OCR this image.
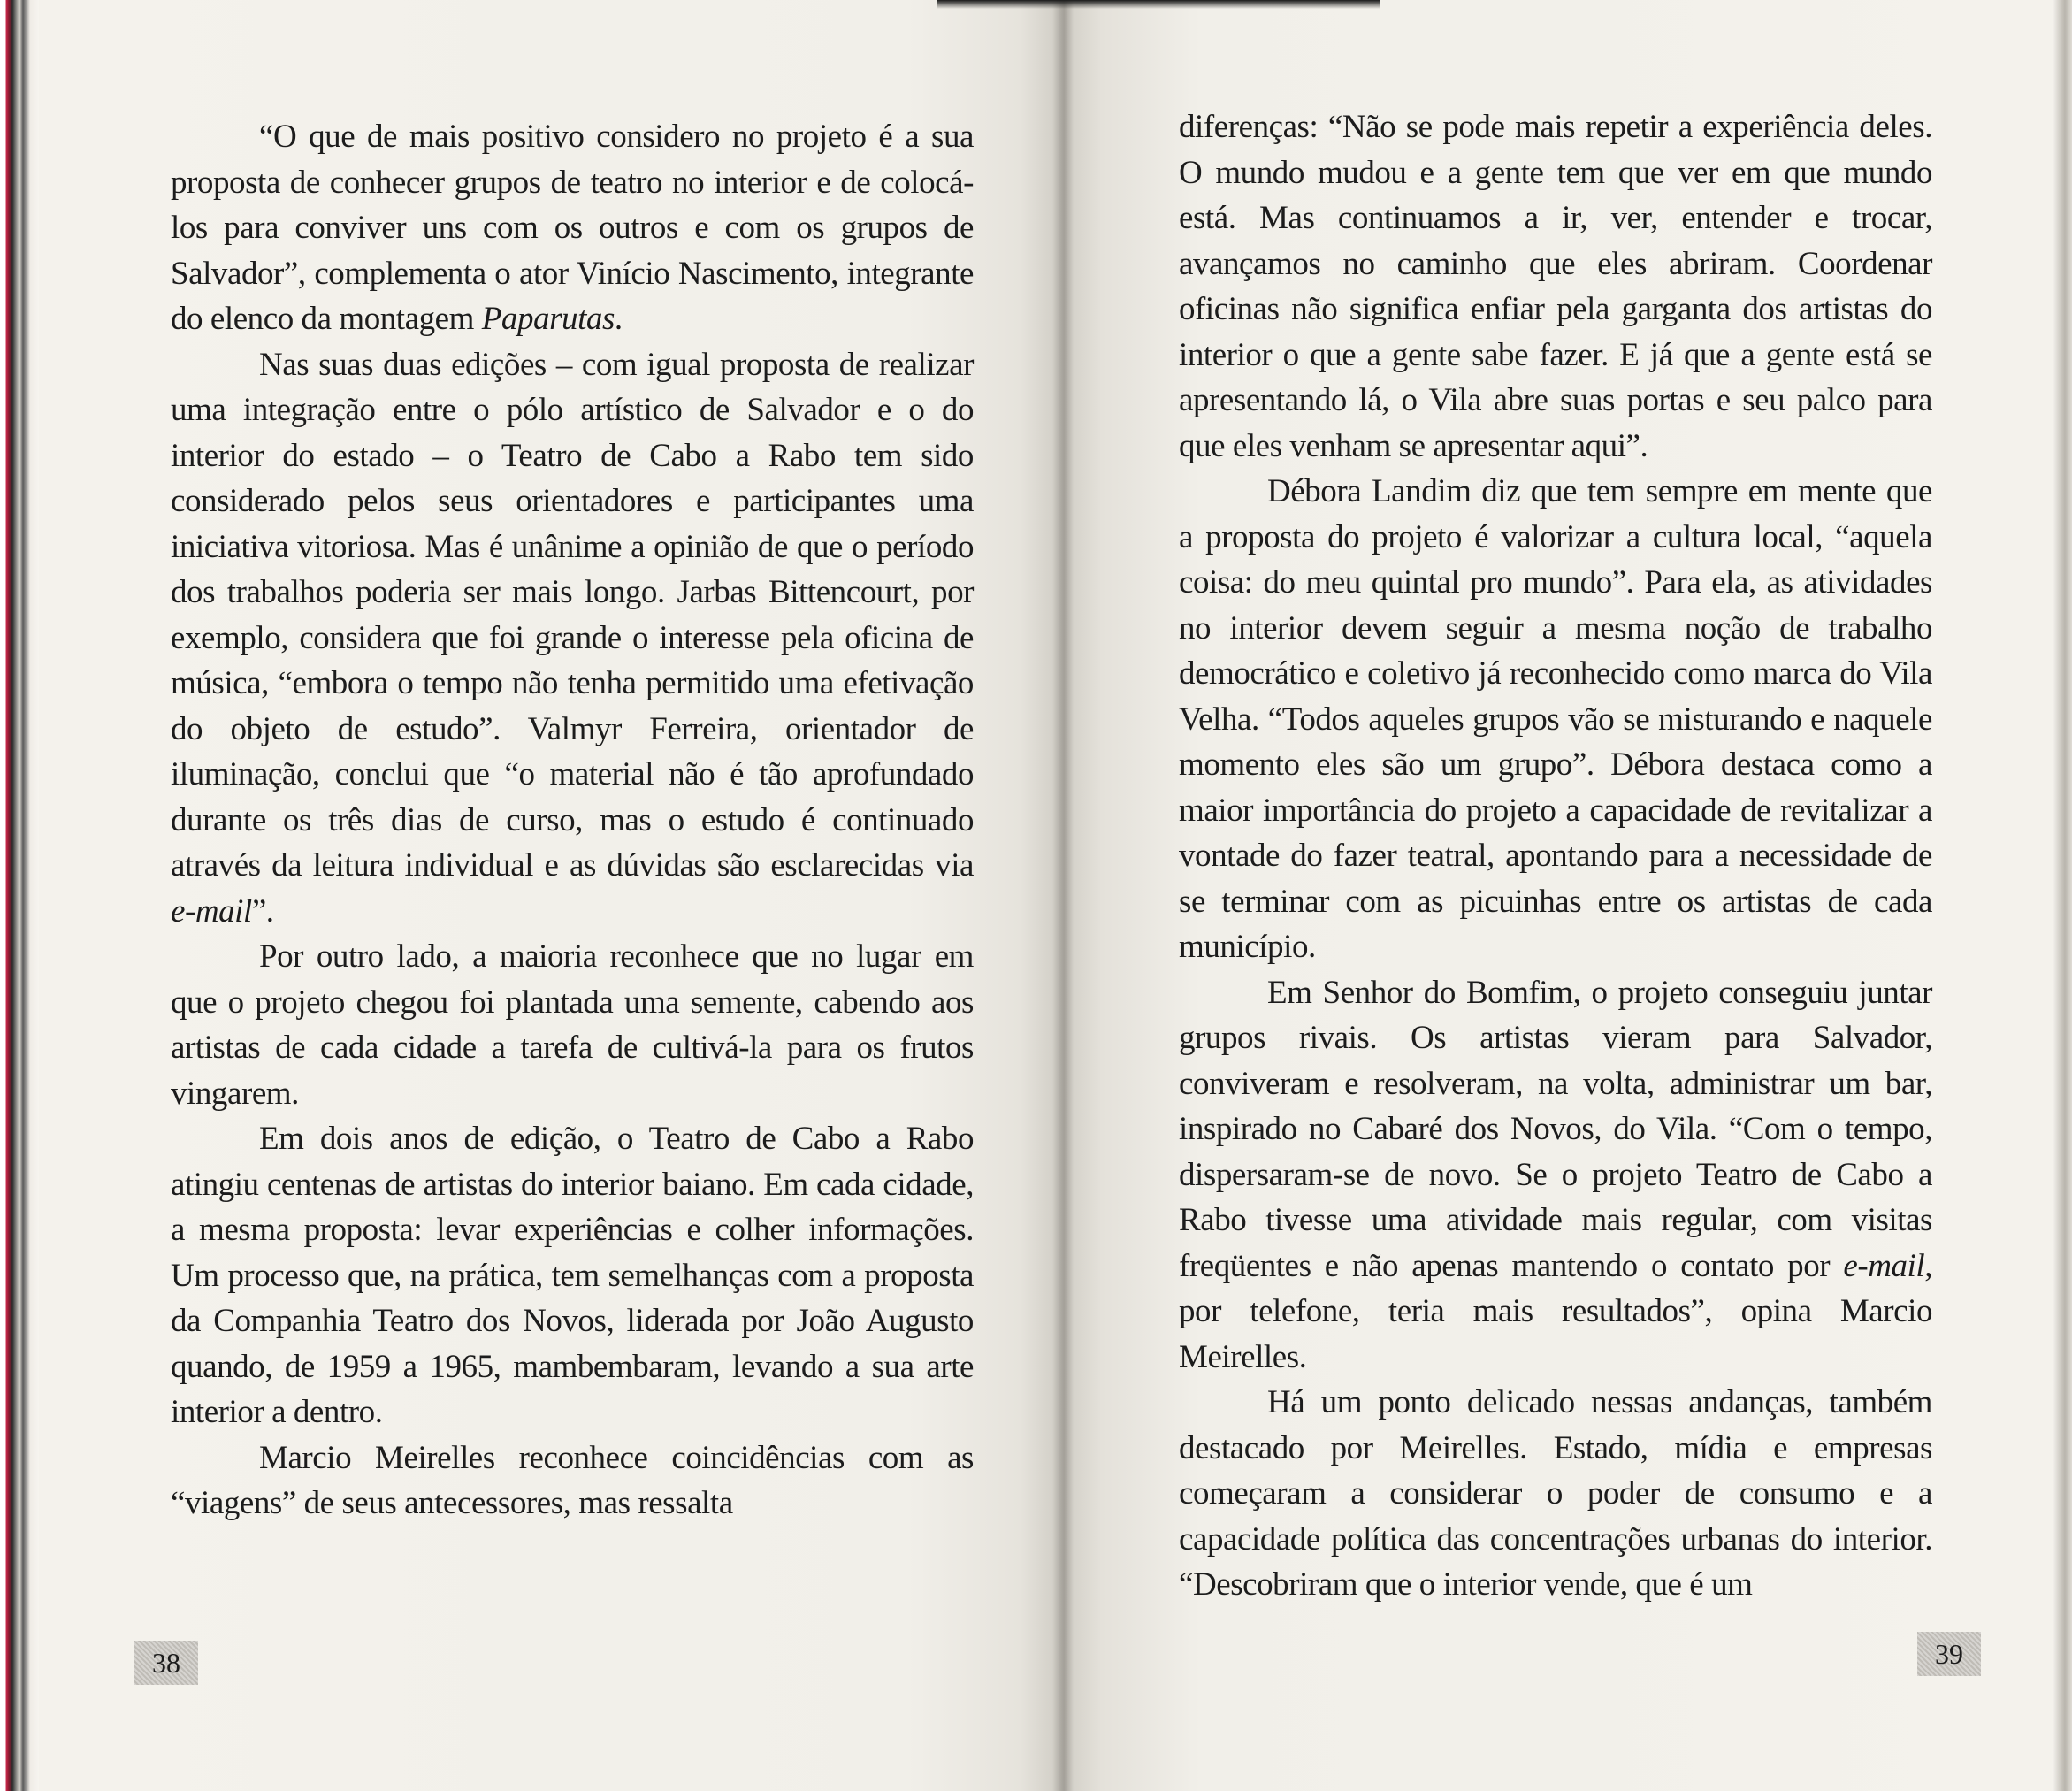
“O que de mais positivo considero no projeto é a sua proposta de conhecer grupos de teatro no interior e de colocá-los para conviver uns com os outros e com os grupos de Salvador”, complementa o ator Vinício Nascimento, integrante do elenco da montagem Paparutas.

Nas suas duas edições – com igual proposta de realizar uma integração entre o pólo artístico de Salvador e o do interior do estado – o Teatro de Cabo a Rabo tem sido considerado pelos seus orientadores e participantes uma iniciativa vitoriosa. Mas é unânime a opinião de que o período dos trabalhos poderia ser mais longo. Jarbas Bittencourt, por exemplo, considera que foi grande o interesse pela oficina de música, “embora o tempo não tenha permitido uma efetivação do objeto de estudo”. Valmyr Ferreira, orientador de iluminação, conclui que “o material não é tão aprofundado durante os três dias de curso, mas o estudo é continuado através da leitura individual e as dúvidas são esclarecidas via e-mail”.

Por outro lado, a maioria reconhece que no lugar em que o projeto chegou foi plantada uma semente, cabendo aos artistas de cada cidade a tarefa de cultivá-la para os frutos vingarem.

Em dois anos de edição, o Teatro de Cabo a Rabo atingiu centenas de artistas do interior baiano. Em cada cidade, a mesma proposta: levar experiências e colher informações. Um processo que, na prática, tem semelhanças com a proposta da Companhia Teatro dos Novos, liderada por João Augusto quando, de 1959 a 1965, mambembaram, levando a sua arte interior a dentro.

Marcio Meirelles reconhece coincidências com as “viagens” de seus antecessores, mas ressalta

diferenças: “Não se pode mais repetir a experiência deles. O mundo mudou e a gente tem que ver em que mundo está. Mas continuamos a ir, ver, entender e trocar, avançamos no caminho que eles abriram. Coordenar oficinas não significa enfiar pela garganta dos artistas do interior o que a gente sabe fazer. E já que a gente está se apresentando lá, o Vila abre suas portas e seu palco para que eles venham se apresentar aqui”.

Débora Landim diz que tem sempre em mente que a proposta do projeto é valorizar a cultura local, “aquela coisa: do meu quintal pro mundo”. Para ela, as atividades no interior devem seguir a mesma noção de trabalho democrático e coletivo já reconhecido como marca do Vila Velha. “Todos aqueles grupos vão se misturando e naquele momento eles são um grupo”. Débora destaca como a maior importância do projeto a capacidade de revitalizar a vontade do fazer teatral, apontando para a necessidade de se terminar com as picuinhas entre os artistas de cada município.

Em Senhor do Bomfim, o projeto conseguiu juntar grupos rivais. Os artistas vieram para Salvador, conviveram e resolveram, na volta, administrar um bar, inspirado no Cabaré dos Novos, do Vila. “Com o tempo, dispersaram-se de novo. Se o projeto Teatro de Cabo a Rabo tivesse uma atividade mais regular, com visitas freqüentes e não apenas mantendo o contato por e-mail, por telefone, teria mais resultados”, opina Marcio Meirelles.

Há um ponto delicado nessas andanças, também destacado por Meirelles. Estado, mídia e empresas começaram a considerar o poder de consumo e a capacidade política das concentrações urbanas do interior. “Descobriram que o interior vende, que é um

38	39
